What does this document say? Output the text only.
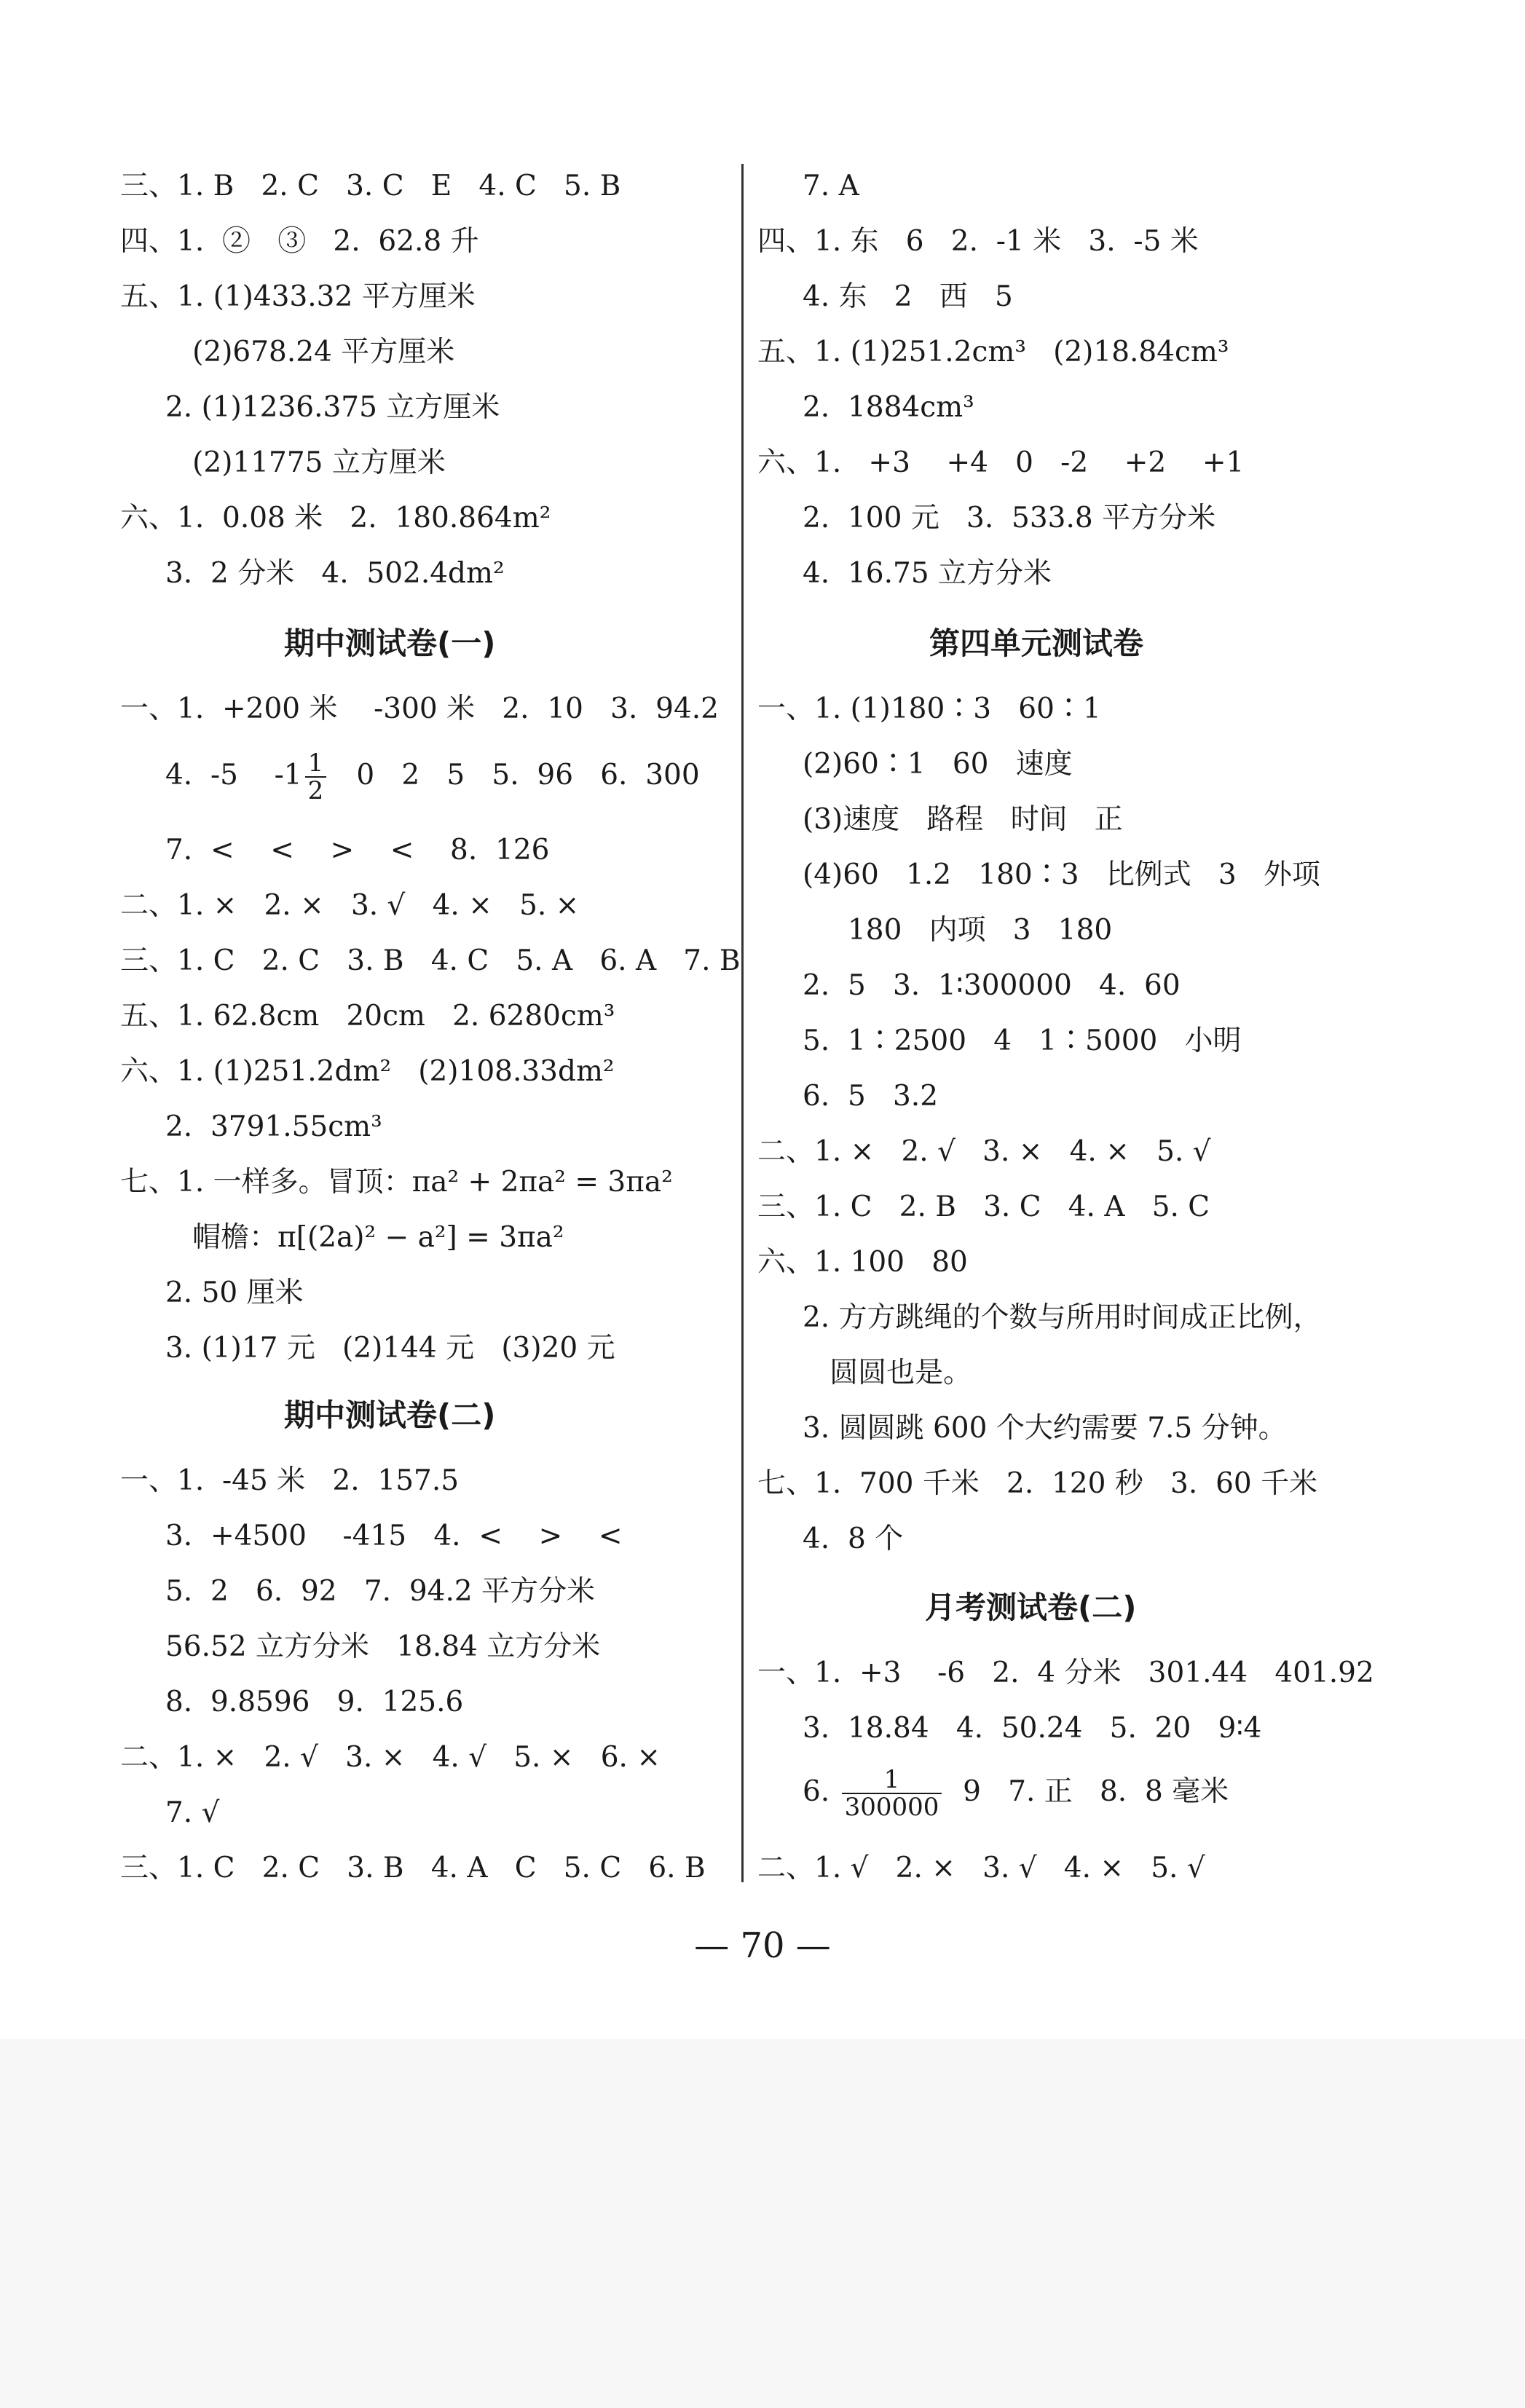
三、1. B   2. C   3. C   E   4. C   5. B
四、1.  ②   ③   2.  62.8 升
五、1. (1)433.32 平方厘米
(2)678.24 平方厘米
2. (1)1236.375 立方厘米
(2)11775 立方厘米
六、1.  0.08 米   2.  180.864m²
3.  2 分米   4.  502.4dm²
期中测试卷(一)
一、1.  +200 米    -300 米   2.  10   3.  94.2
4.  -5    $-1 \frac{1}{2} 0$   2   5   5.  96   6.  300
7.  <    <    >    <    8.  126
二、1. ×   2. ×   3. √   4. ×   5. ×
三、1. C   2. C   3. B   4. C   5. A   6. A   7. B
五、1. 62.8cm   20cm   2. 6280cm³
六、1. (1)251.2dm²   (2)108.33dm²
2.  3791.55cm³
七、1. 一样多。冒顶：πa² + 2πa² = 3πa²
帽檐：π[(2a)² − a²] = 3πa²
2. 50 厘米
3. (1)17 元   (2)144 元   (3)20 元
期中测试卷(二)
一、1.  -45 米   2.  157.5
3.  +4500    -415   4.  <    >    <
5.  2   6.  92   7.  94.2 平方分米
56.52 立方分米   18.84 立方分米
8.  9.8596   9.  125.6
二、1. ×   2. √   3. ×   4. √   5. ×   6. ×
7. √
三、1. C   2. C   3. B   4. A   C   5. C   6. B
7. A
四、1. 东   6   2.  -1 米   3.  -5 米
4. 东   2   西   5
五、1. (1)251.2cm³   (2)18.84cm³
2.  1884cm³
六、1.   +3    +4   0   -2    +2    +1
2.  100 元   3.  533.8 平方分米
4.  16.75 立方分米
第四单元测试卷
一、1. (1)180∶3   60∶1
(2)60∶1   60   速度
(3)速度   路程   时间   正
(4)60   1.2   180∶3   比例式   3   外项
180   内项   3   180
2.  5   3.  1∶300000   4.  60
5.  1∶2500   4   1∶5000   小明
6.  5   3.2
二、1. ×   2. √   3. ×   4. ×   5. √
三、1. C   2. B   3. C   4. A   5. C
六、1. 100   80
2. 方方跳绳的个数与所用时间成正比例，
圆圆也是。
3. 圆圆跳 600 个大约需要 7.5 分钟。
七、1.  700 千米   2.  120 秒   3.  60 千米
4.  8 个
月考测试卷(二)
一、1.  +3    -6   2.  4 分米   301.44   401.92
3.  18.84   4.  50.24   5.  20   9∶4
6. $\frac{1}{300000} 9$   7. 正   8.  8 毫米
二、1. √   2. ×   3. √   4. ×   5. √
— 70 —
